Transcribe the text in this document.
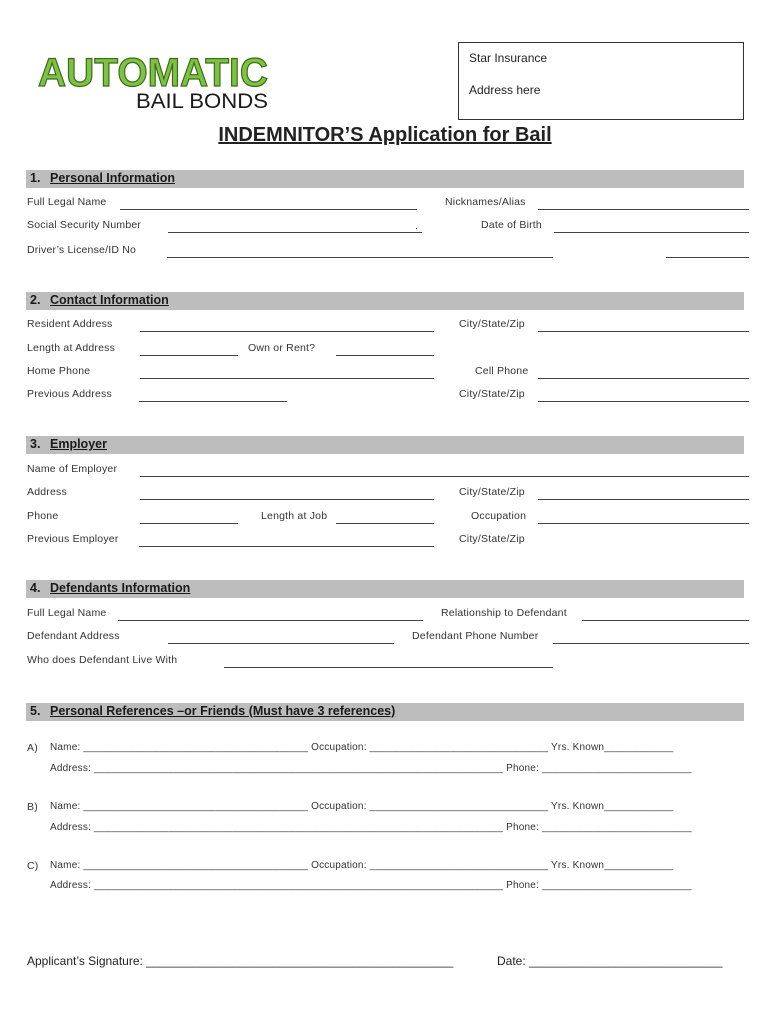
AUTOMATIC
BAIL BONDS
Star Insurance
Address here
INDEMNITOR’S Application for Bail
1. Personal Information
Full Legal Name	Nicknames/Alias
Social Security Number	.	Date of Birth
Driver’s License/ID No
2. Contact Information
Resident Address	City/State/Zip
Length at Address	Own or Rent?
Home Phone	Cell Phone
Previous Address	City/State/Zip
3. Employer
Name of Employer
Address	City/State/Zip
Phone	Length at Job	Occupation
Previous Employer	City/State/Zip
4. Defendants Information
Full Legal Name	Relationship to Defendant
Defendant Address	Defendant Phone Number
Who does Defendant Live With
5. Personal References –or Friends (Must have 3 references)
A) Name: _______________________________________ Occupation: _______________________________ Yrs. Known____________
Address: _______________________________________________________________________ Phone: __________________________
B) Name: _______________________________________ Occupation: _______________________________ Yrs. Known____________
Address: _______________________________________________________________________ Phone: __________________________
C) Name: _______________________________________ Occupation: _______________________________ Yrs. Known____________
Address: _______________________________________________________________________ Phone: __________________________
Applicant’s Signature: ______________________________________________	Date: _____________________________
